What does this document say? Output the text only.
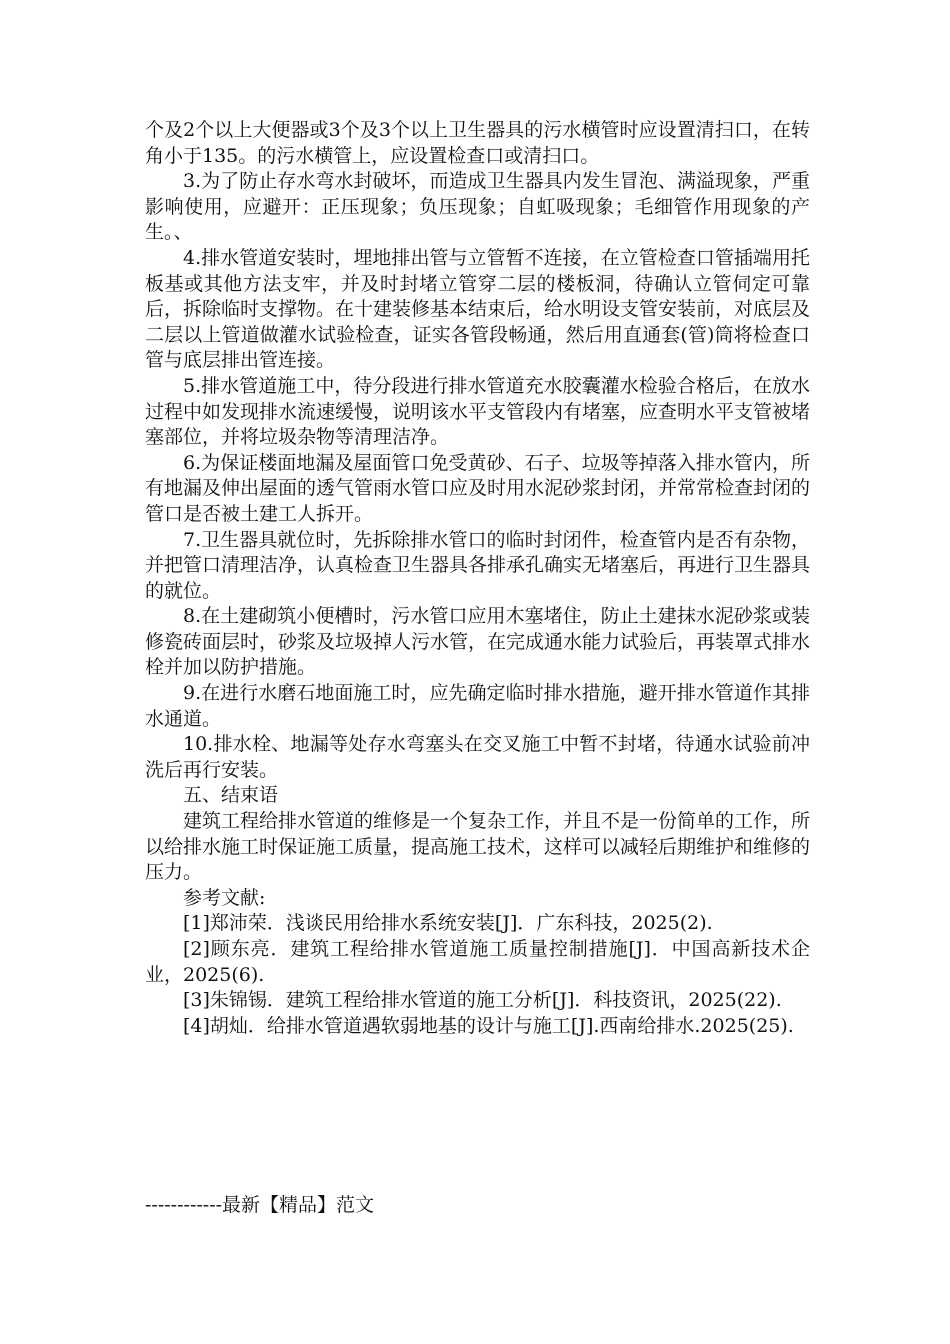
个及2个以上大便器或3个及3个以上卫生器具的污水横管时应设置清扫口，在转角小于135。的污水横管上，应设置检查口或清扫口。

3.为了防止存水弯水封破坏，而造成卫生器具内发生冒泡、满溢现象，严重影响使用，应避开：正压现象；负压现象；自虹吸现象；毛细管作用现象的产生。、

4.排水管道安装时，埋地排出管与立管暂不连接，在立管检查口管插端用托板基或其他方法支牢，并及时封堵立管穿二层的楼板洞，待确认立管伺定可靠后，拆除临时支撑物。在十建装修基本结束后，给水明设支管安装前，对底层及二层以上管道做灌水试验检查，证实各管段畅通，然后用直通套(管)筒将检查口管与底层排出管连接。

5.排水管道施工中，待分段进行排水管道充水胶囊灌水检验合格后，在放水过程中如发现排水流速缓慢，说明该水平支管段内有堵塞，应查明水平支管被堵塞部位，并将垃圾杂物等清理洁净。

6.为保证楼面地漏及屋面管口免受黄砂、石子、垃圾等掉落入排水管内，所有地漏及伸出屋面的透气管雨水管口应及时用水泥砂浆封闭，并常常检查封闭的管口是否被土建工人拆开。

7.卫生器具就位时，先拆除排水管口的临时封闭件，检查管内是否有杂物，并把管口清理洁净，认真检查卫生器具各排承孔确实无堵塞后，再进行卫生器具的就位。

8.在土建砌筑小便槽时，污水管口应用木塞堵住，防止土建抹水泥砂浆或装修瓷砖面层时，砂浆及垃圾掉人污水管，在完成通水能力试验后，再装罩式排水栓并加以防护措施。

9.在进行水磨石地面施工时，应先确定临时排水措施，避开排水管道作其排水通道。

10.排水栓、地漏等处存水弯塞头在交叉施工中暂不封堵，待通水试验前冲洗后再行安装。

五、结束语

建筑工程给排水管道的维修是一个复杂工作，并且不是一份简单的工作，所以给排水施工时保证施工质量，提高施工技术，这样可以减轻后期维护和维修的压力。

参考文献:

[1]郑沛荣．浅谈民用给排水系统安装[J]．广东科技，2025(2).

[2]顾东亮．建筑工程给排水管道施工质量控制措施[J]．中国高新技术企业，2025(6).

[3]朱锦锡．建筑工程给排水管道的施工分析[J]．科技资讯，2025(22).

[4]胡灿．给排水管道遇软弱地基的设计与施工[J].西南给排水.2025(25).

------------最新【精品】范文
